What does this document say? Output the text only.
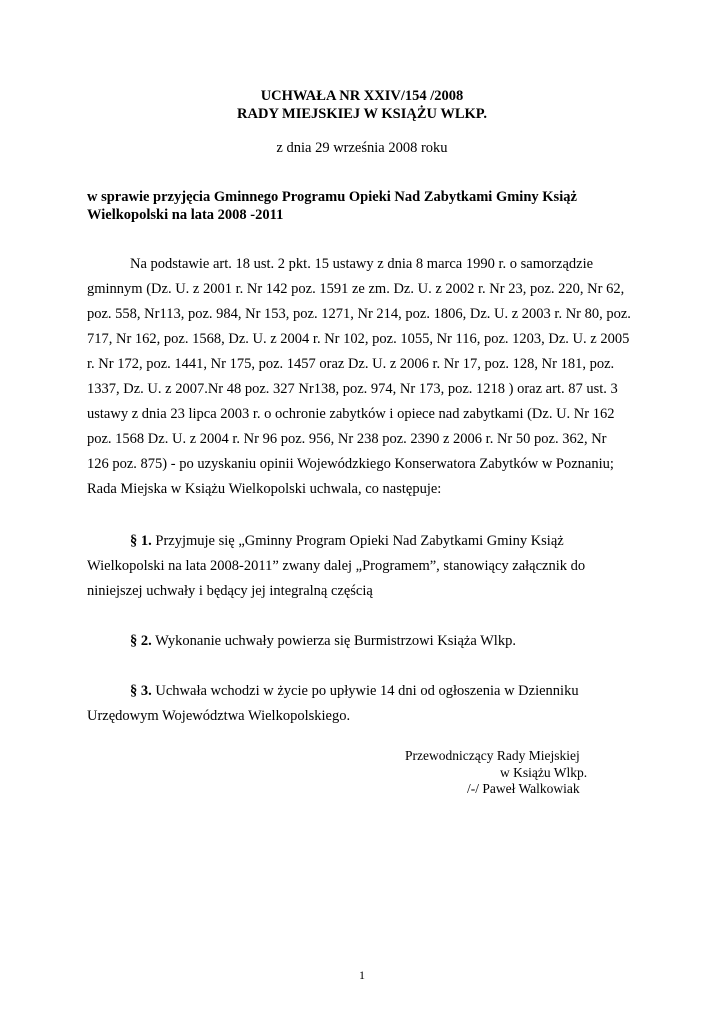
UCHWAŁA NR XXIV/154 /2008
RADY MIEJSKIEJ W KSIĄŻU WLKP.
z dnia 29 września 2008 roku
w sprawie przyjęcia Gminnego Programu Opieki Nad Zabytkami Gminy Książ
Wielkopolski na lata 2008 -2011
Na podstawie art. 18 ust. 2 pkt. 15 ustawy z dnia 8 marca 1990 r. o samorządzie
gminnym (Dz. U. z 2001 r. Nr 142 poz. 1591 ze zm. Dz. U. z 2002 r. Nr 23, poz. 220, Nr 62,
poz. 558, Nr113, poz. 984, Nr 153, poz. 1271, Nr 214, poz. 1806, Dz. U. z 2003 r. Nr 80, poz.
717, Nr 162, poz. 1568, Dz. U. z 2004 r. Nr 102, poz. 1055, Nr 116, poz. 1203, Dz. U. z 2005
r. Nr 172, poz. 1441, Nr 175, poz. 1457 oraz Dz. U. z 2006 r. Nr 17, poz. 128, Nr 181, poz.
1337, Dz. U. z 2007.Nr 48 poz. 327 Nr138, poz. 974, Nr 173, poz. 1218 ) oraz art. 87 ust. 3
ustawy z dnia 23 lipca 2003 r. o ochronie zabytków i opiece nad zabytkami (Dz. U. Nr 162
poz. 1568 Dz. U. z 2004 r. Nr 96 poz. 956, Nr 238 poz. 2390 z 2006 r. Nr 50 poz. 362, Nr
126 poz. 875) - po uzyskaniu opinii Wojewódzkiego Konserwatora Zabytków w Poznaniu;
Rada Miejska w Książu Wielkopolski uchwala, co następuje:
§ 1. Przyjmuje się „Gminny Program Opieki Nad Zabytkami Gminy Książ
Wielkopolski na lata 2008-2011” zwany dalej „Programem”, stanowiący załącznik do
niniejszej uchwały i będący jej integralną częścią
§ 2. Wykonanie uchwały powierza się Burmistrzowi Książa Wlkp.
§ 3. Uchwała wchodzi w życie po upływie 14 dni od ogłoszenia w Dzienniku
Urzędowym Województwa Wielkopolskiego.
Przewodniczący Rady Miejskiej
w Książu Wlkp.
/-/ Paweł Walkowiak
1
